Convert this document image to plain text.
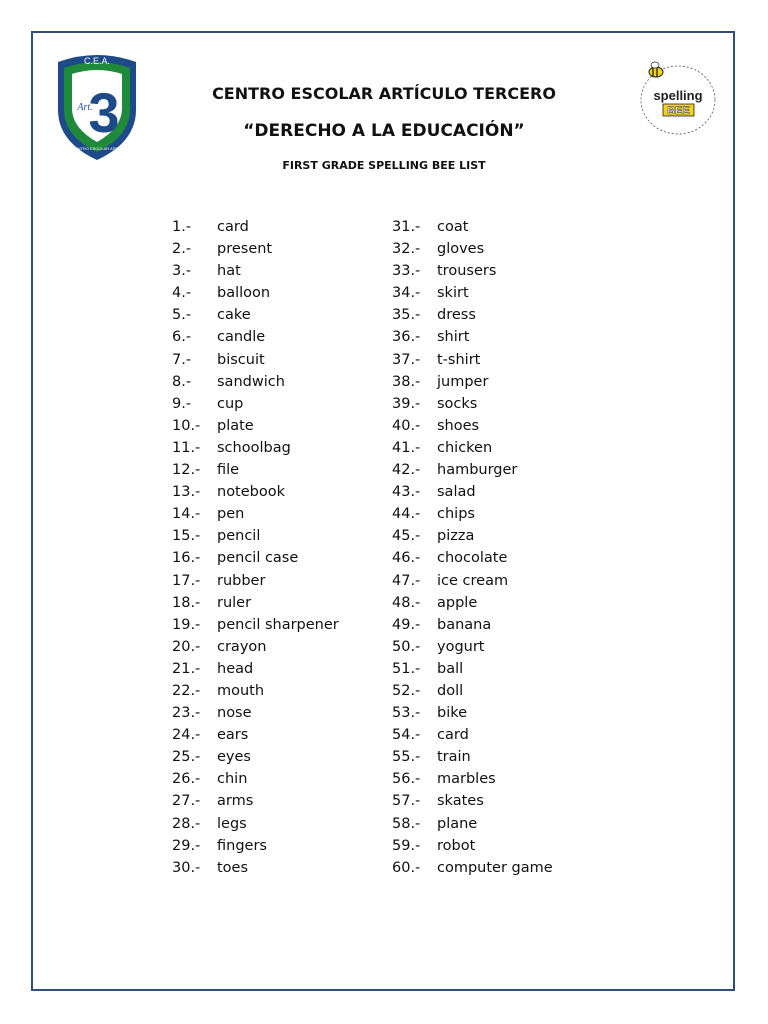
C.E.A.
Art.
3
CENTRO ESCOLAR ART. 3
spelling
BEE
CENTRO ESCOLAR ARTÍCULO TERCERO
“DERECHO A LA EDUCACIÓN”
FIRST GRADE SPELLING BEE LIST
1.-	card
2.-	present
3.-	hat
4.-	balloon
5.-	cake
6.-	candle
7.-	biscuit
8.-	sandwich
9.-	cup
10.-	plate
11.-	schoolbag
12.-	file
13.-	notebook
14.-	pen
15.-	pencil
16.-	pencil case
17.-	rubber
18.-	ruler
19.-	pencil sharpener
20.-	crayon
21.-	head
22.-	mouth
23.-	nose
24.-	ears
25.-	eyes
26.-	chin
27.-	arms
28.-	legs
29.-	fingers
30.-	toes
31.-	coat
32.-	gloves
33.-	trousers
34.-	skirt
35.-	dress
36.-	shirt
37.-	t-shirt
38.-	jumper
39.-	socks
40.-	shoes
41.-	chicken
42.-	hamburger
43.-	salad
44.-	chips
45.-	pizza
46.-	chocolate
47.-	ice cream
48.-	apple
49.-	banana
50.-	yogurt
51.-	ball
52.-	doll
53.-	bike
54.-	card
55.-	train
56.-	marbles
57.-	skates
58.-	plane
59.-	robot
60.-	computer game
